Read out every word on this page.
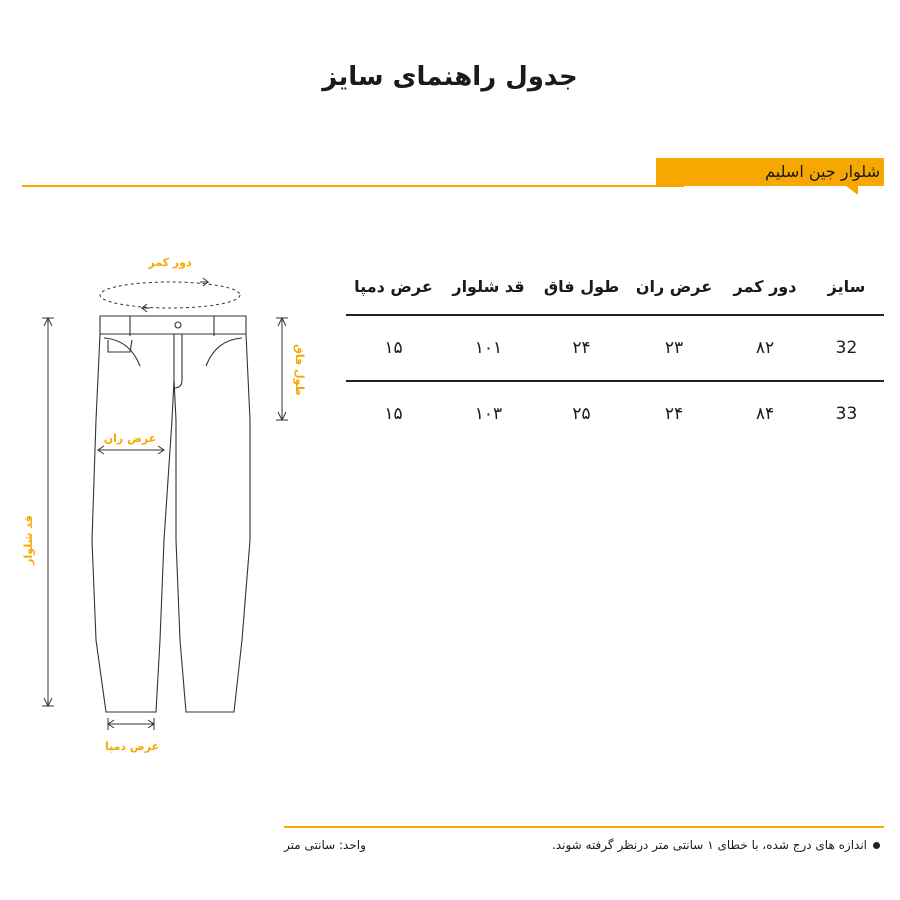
جدول راهنمای سایز
شلوار جین اسلیم
دور کمر
طول فاق
عرض ران
قد شلوار
عرض دمپا
سایز
دور کمر
عرض ران
طول فاق
قد شلوار
عرض دمپا
32
۸۲
۲۳
۲۴
۱۰۱
۱۵
33
۸۴
۲۴
۲۵
۱۰۳
۱۵
اندازه های درج شده، با خطای ۱ سانتی متر درنظر گرفته شوند.
واحد: سانتی متر
